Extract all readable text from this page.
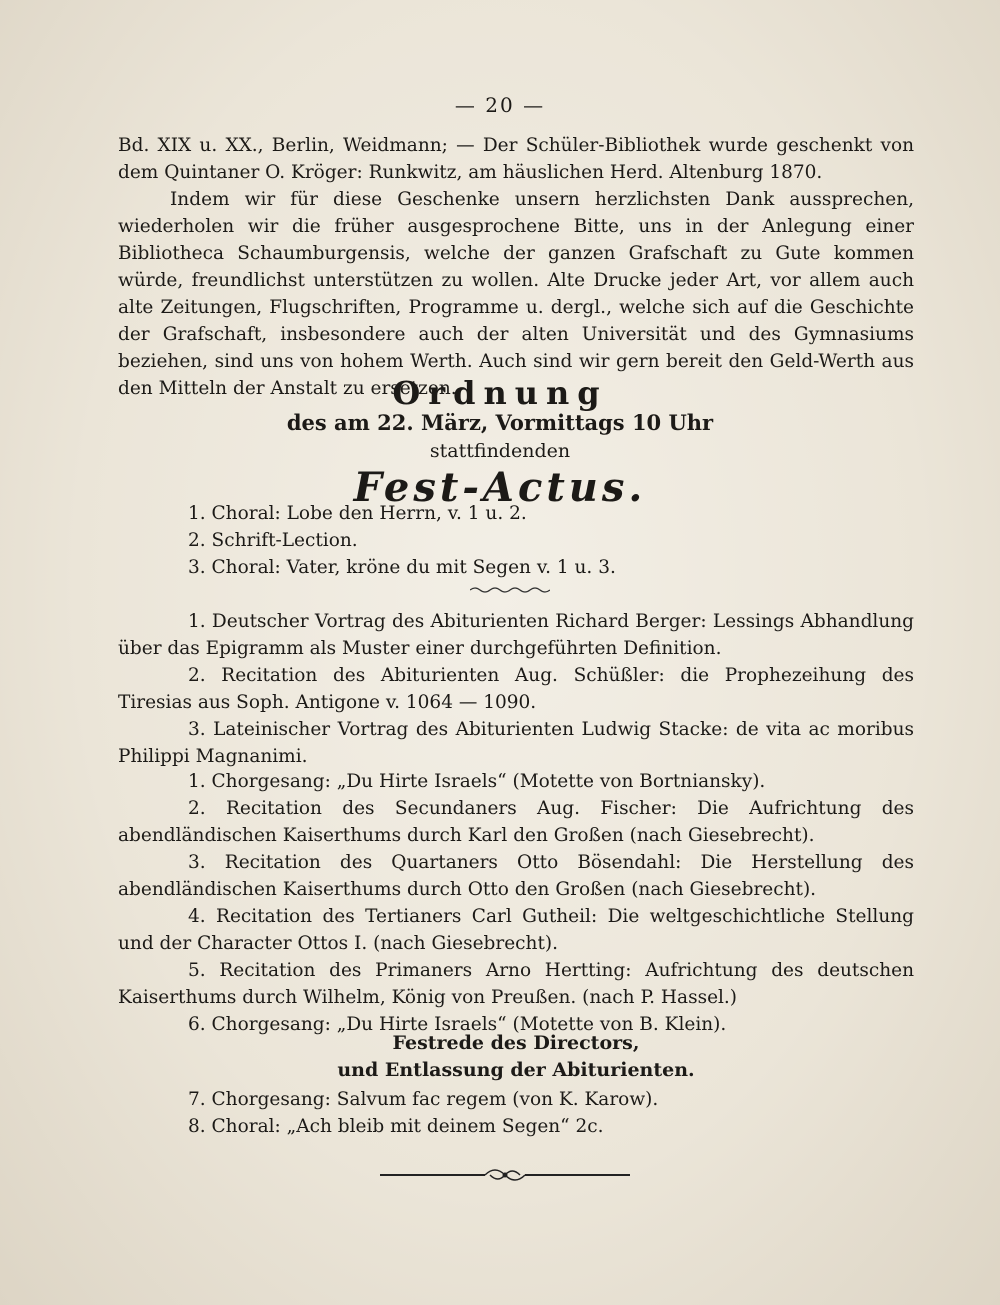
— 20 —

Bd. XIX u. XX., Berlin, Weidmann; — Der Schüler-Bibliothek wurde geschenkt von dem Quintaner O. Kröger: Runkwitz, am häuslichen Herd. Altenburg 1870.

Indem wir für diese Geschenke unsern herzlichsten Dank aussprechen, wiederholen wir die früher ausgesprochene Bitte, uns in der Anlegung einer Bibliotheca Schaumburgensis, welche der ganzen Grafschaft zu Gute kommen würde, freundlichst unterstützen zu wollen. Alte Drucke jeder Art, vor allem auch alte Zeitungen, Flugschriften, Programme u. dergl., welche sich auf die Geschichte der Grafschaft, insbesondere auch der alten Universität und des Gymnasiums beziehen, sind uns von hohem Werth. Auch sind wir gern bereit den Geld-Werth aus den Mitteln der Anstalt zu ersetzen.

Ordnung
des am 22. März, Vormittags 10 Uhr
stattfindenden
Fest-Actus.

1. Choral: Lobe den Herrn, v. 1 u. 2.

2. Schrift-Lection.

3. Choral: Vater, kröne du mit Segen v. 1 u. 3.

1. Deutscher Vortrag des Abiturienten Richard Berger: Lessings Abhandlung über das Epigramm als Muster einer durchgeführten Definition.

2. Recitation des Abiturienten Aug. Schüßler: die Prophezeihung des Tiresias aus Soph. Antigone v. 1064 — 1090.

3. Lateinischer Vortrag des Abiturienten Ludwig Stacke: de vita ac moribus Philippi Magnanimi.

1. Chorgesang: „Du Hirte Israels“ (Motette von Bortniansky).

2. Recitation des Secundaners Aug. Fischer: Die Aufrichtung des abendländischen Kaiserthums durch Karl den Großen (nach Giesebrecht).

3. Recitation des Quartaners Otto Bösendahl: Die Herstellung des abendländischen Kaiserthums durch Otto den Großen (nach Giesebrecht).

4. Recitation des Tertianers Carl Gutheil: Die weltgeschichtliche Stellung und der Character Ottos I. (nach Giesebrecht).

5. Recitation des Primaners Arno Hertting: Aufrichtung des deutschen Kaiserthums durch Wilhelm, König von Preußen. (nach P. Hassel.)

6. Chorgesang: „Du Hirte Israels“ (Motette von B. Klein).

Festrede des Directors,

und Entlassung der Abiturienten.

7. Chorgesang: Salvum fac regem (von K. Karow).

8. Choral: „Ach bleib mit deinem Segen“ 2c.
